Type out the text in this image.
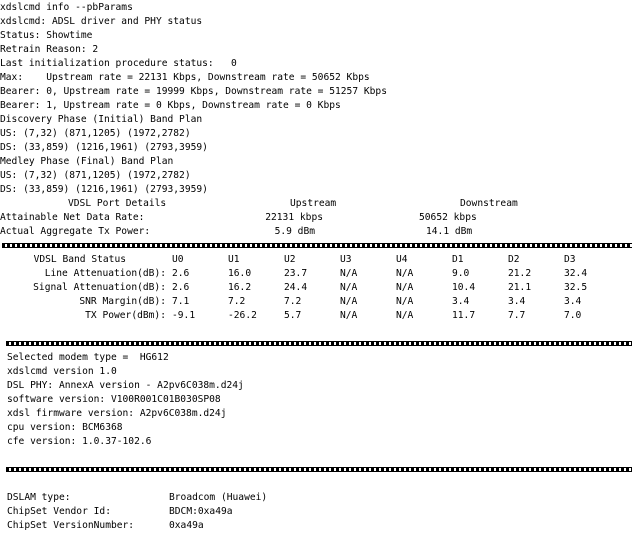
xdslcmd info --pbParams
xdslcmd: ADSL driver and PHY status
Status: Showtime
Retrain Reason: 2
Last initialization procedure status:   0
Max:    Upstream rate = 22131 Kbps, Downstream rate = 50652 Kbps
Bearer: 0, Upstream rate = 19999 Kbps, Downstream rate = 51257 Kbps
Bearer: 1, Upstream rate = 0 Kbps, Downstream rate = 0 Kbps
Discovery Phase (Initial) Band Plan
US: (7,32) (871,1205) (1972,2782)
DS: (33,859) (1216,1961) (2793,3959)
Medley Phase (Final) Band Plan
US: (7,32) (871,1205) (1972,2782)
DS: (33,859) (1216,1961) (2793,3959)
VDSL Port Details	Upstream	Downstream
Attainable Net Data Rate:	22131 kbps	50652 kbps
Actual Aggregate Tx Power:	5.9 dBm	14.1 dBm
VDSL Band Status	U0	U1	U2	U3	U4	D1	D2	D3
Line Attenuation(dB): 2.6	16.0	23.7	N/A	N/A	9.0	21.2	32.4
Signal Attenuation(dB): 2.6	16.2	24.4	N/A	N/A	10.4	21.1	32.5
SNR Margin(dB): 7.1	7.2	7.2	N/A	N/A	3.4	3.4	3.4
TX Power(dBm): -9.1	-26.2	5.7	N/A	N/A	11.7	7.7	7.0
Selected modem type =  HG612
xdslcmd version 1.0
DSL PHY: AnnexA version - A2pv6C038m.d24j
software version: V100R001C01B030SP08
xdsl firmware version: A2pv6C038m.d24j
cpu version: BCM6368
cfe version: 1.0.37-102.6
DSLAM type:	Broadcom (Huawei)
ChipSet Vendor Id:	BDCM:0xa49a
ChipSet VersionNumber:	0xa49a
